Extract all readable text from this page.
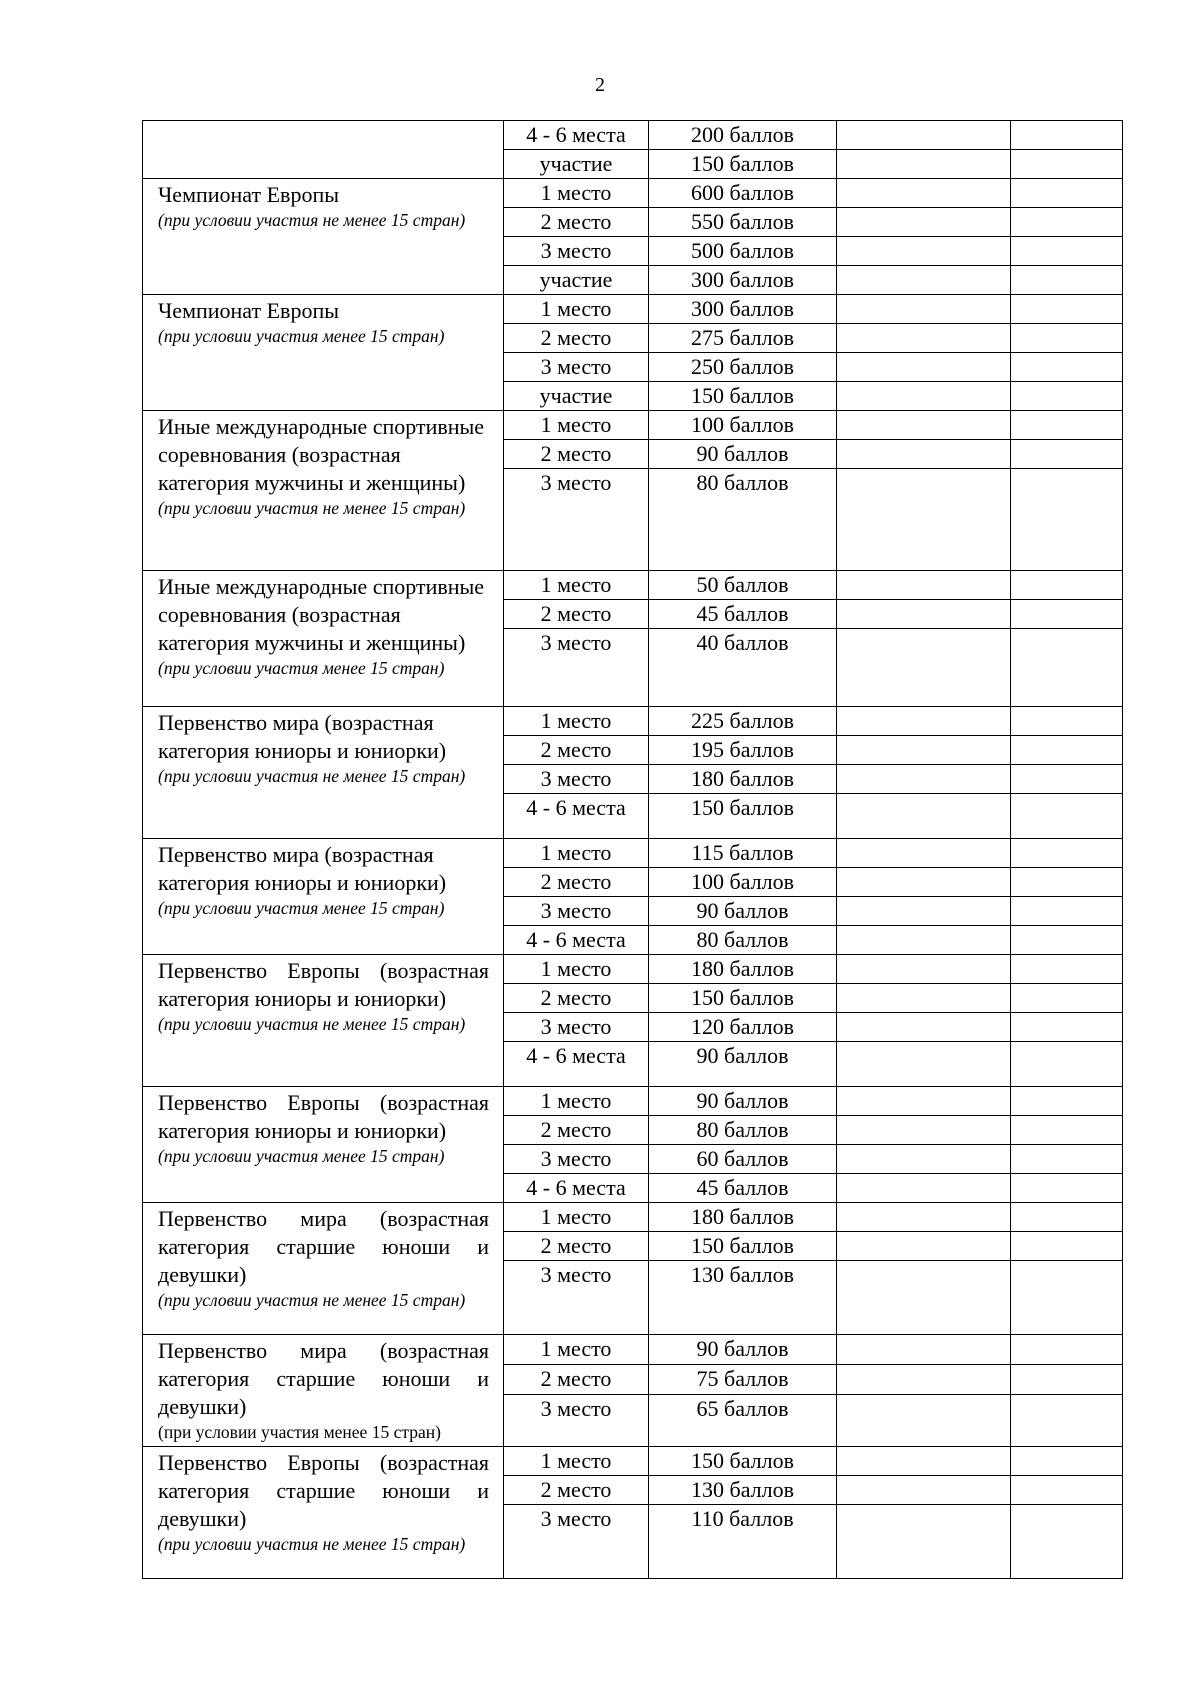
2
	4 - 6 места	200 баллов		
	участие	150 баллов		

Чемпионат Европы
(при условии участия не менее 15 стран)	1 место	600 баллов		
	2 место	550 баллов		
	3 место	500 баллов		
	участие	300 баллов		

Чемпионат Европы
(при условии участия менее 15 стран)	1 место	300 баллов		
	2 место	275 баллов		
	3 место	250 баллов		
	участие	150 баллов		

Иные международные спортивные соревнования (возрастная категория мужчины и женщины)
(при условии участия не менее 15 стран)	1 место	100 баллов		
	2 место	90 баллов		
	3 место	80 баллов		

Иные международные спортивные соревнования (возрастная категория мужчины и женщины)
(при условии участия менее 15 стран)	1 место	50 баллов		
	2 место	45 баллов		
	3 место	40 баллов		

Первенство мира (возрастная категория юниоры и юниорки)
(при условии участия не менее 15 стран)	1 место	225 баллов		
	2 место	195 баллов		
	3 место	180 баллов		
	4 - 6 места	150 баллов		

Первенство мира (возрастная категория юниоры и юниорки)
(при условии участия менее 15 стран)	1 место	115 баллов		
	2 место	100 баллов		
	3 место	90 баллов		
	4 - 6 места	80 баллов		

Первенство Европы (возрастная категория юниоры и юниорки)
(при условии участия не менее 15 стран)	1 место	180 баллов		
	2 место	150 баллов		
	3 место	120 баллов		
	4 - 6 места	90 баллов		

Первенство Европы (возрастная категория юниоры и юниорки)
(при условии участия менее 15 стран)	1 место	90 баллов		
	2 место	80 баллов		
	3 место	60 баллов		
	4 - 6 места	45 баллов		

Первенство мира (возрастная категория старшие юноши и девушки)
(при условии участия не менее 15 стран)	1 место	180 баллов		
	2 место	150 баллов		
	3 место	130 баллов		

Первенство мира (возрастная категория старшие юноши и девушки)
(при условии участия менее 15 стран)	1 место	90 баллов		
	2 место	75 баллов		
	3 место	65 баллов		

Первенство Европы (возрастная категория старшие юноши и девушки)
(при условии участия не менее 15 стран)	1 место	150 баллов		
	2 место	130 баллов		
	3 место	110 баллов		
